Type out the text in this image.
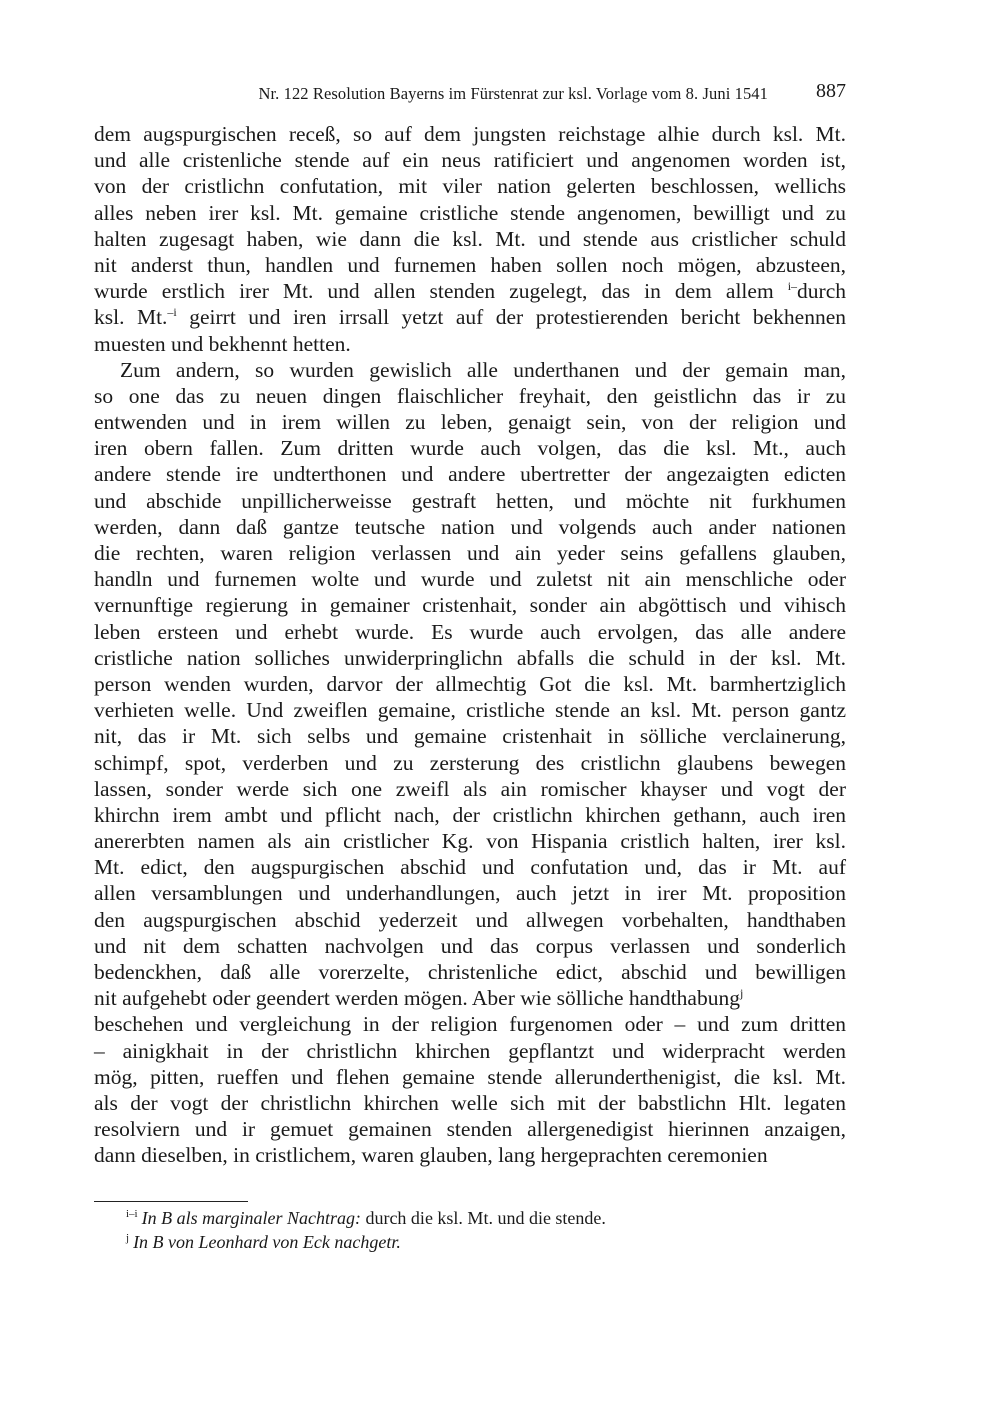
Nr. 122 Resolution Bayerns im Fürstenrat zur ksl. Vorlage vom 8. Juni 1541 887
dem augspurgischen receß, so auf dem jungsten reichstage alhie durch ksl. Mt.
und alle cristenliche stende auf ein neus ratificiert und angenomen worden ist,
von der cristlichn confutation, mit viler nation gelerten beschlossen, wellichs
alles neben irer ksl. Mt. gemaine cristliche stende angenomen, bewilligt und zu
halten zugesagt haben, wie dann die ksl. Mt. und stende aus cristlicher schuld
nit anderst thun, handlen und furnemen haben sollen noch mögen, abzusteen,
wurde erstlich irer Mt. und allen stenden zugelegt, das in dem allem $^{i-}$durch
ksl. Mt.$^{-i}$ geirrt und iren irrsall yetzt auf der protestierenden bericht bekhennen
muesten und bekhennt hetten.
Zum andern, so wurden gewislich alle underthanen und der gemain man,
so one das zu neuen dingen flaischlicher freyhait, den geistlichn das ir zu
entwenden und in irem willen zu leben, genaigt sein, von der religion und
iren obern fallen. Zum dritten wurde auch volgen, das die ksl. Mt., auch
andere stende ire undterthonen und andere ubertretter der angezaigten edicten
und abschide unpillicherweisse gestraft hetten, und möchte nit furkhumen
werden, dann daß gantze teutsche nation und volgends auch ander nationen
die rechten, waren religion verlassen und ain yeder seins gefallens glauben,
handln und furnemen wolte und wurde und zuletst nit ain menschliche oder
vernunftige regierung in gemainer cristenhait, sonder ain abgöttisch und vihisch
leben ersteen und erhebt wurde. Es wurde auch ervolgen, das alle andere
cristliche nation solliches unwiderpringlichn abfalls die schuld in der ksl. Mt.
person wenden wurden, darvor der allmechtig Got die ksl. Mt. barmhertziglich
verhieten welle. Und zweiflen gemaine, cristliche stende an ksl. Mt. person gantz
nit, das ir Mt. sich selbs und gemaine cristenhait in sölliche verclainerung,
schimpf, spot, verderben und zu zersterung des cristlichn glaubens bewegen
lassen, sonder werde sich one zweifl als ain romischer khayser und vogt der
khirchn irem ambt und pflicht nach, der cristlichn khirchen gethann, auch iren
anererbten namen als ain cristlicher Kg. von Hispania cristlich halten, irer ksl.
Mt. edict, den augspurgischen abschid und confutation und, das ir Mt. auf
allen versamblungen und underhandlungen, auch jetzt in irer Mt. proposition
den augspurgischen abschid yederzeit und allwegen vorbehalten, handthaben
und nit dem schatten nachvolgen und das corpus verlassen und sonderlich
bedenckhen, daß alle vorerzelte, christenliche edict, abschid und bewilligen
nit aufgehebt oder geendert werden mögen. Aber wie sölliche handthabung$^j$
beschehen und vergleichung in der religion furgenomen oder – und zum dritten
– ainigkhait in der christlichn khirchen gepflantzt und widerpracht werden
mög, pitten, rueffen und flehen gemaine stende allerunderthenigist, die ksl. Mt.
als der vogt der christlichn khirchen welle sich mit der babstlichn Hlt. legaten
resolviern und ir gemuet gemainen stenden allergenedigist hierinnen anzaigen,
dann dieselben, in cristlichem, waren glauben, lang hergeprachten ceremonien
$^{i-i}$ In B als marginaler Nachtrag: durch die ksl. Mt. und die stende.
$^j$ In B von Leonhard von Eck nachgetr.
